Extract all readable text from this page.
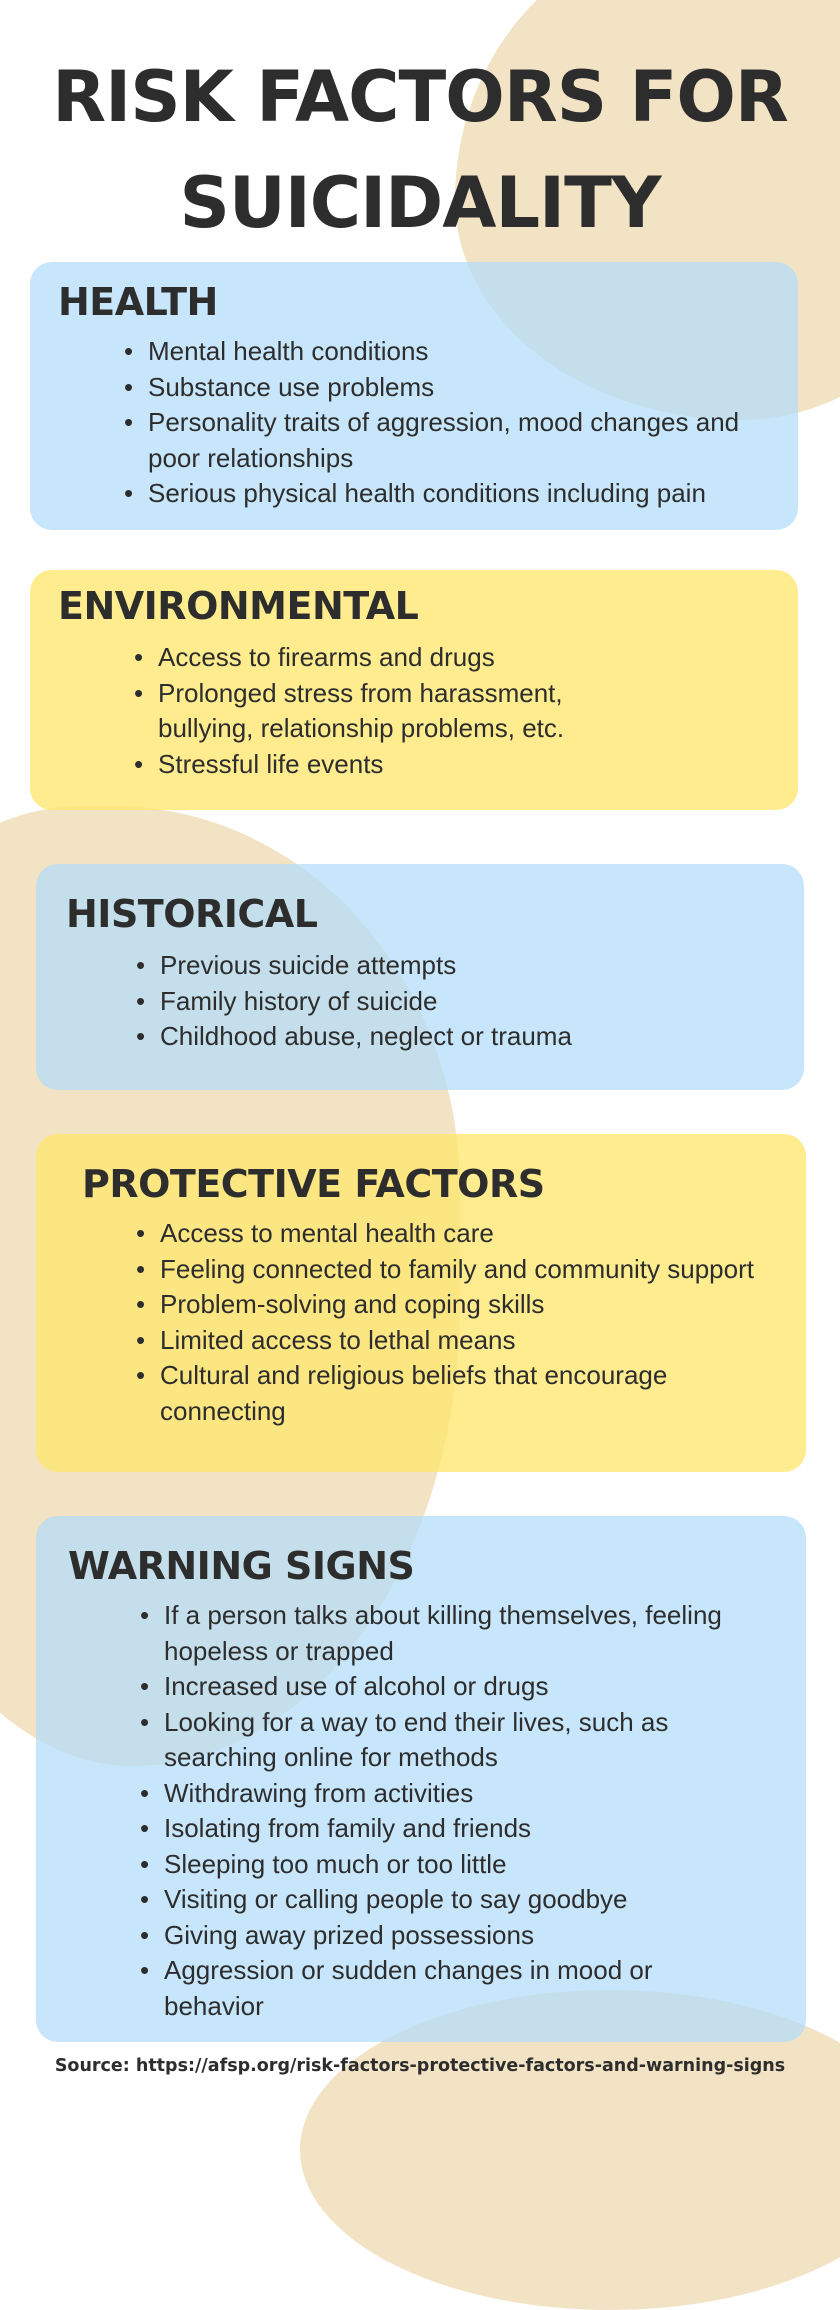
RISK FACTORS FOR
SUICIDALITY
HEALTH
• Mental health conditions
• Substance use problems
• Personality traits of aggression, mood changes and
poor relationships
• Serious physical health conditions including pain
ENVIRONMENTAL
• Access to firearms and drugs
• Prolonged stress from harassment,
bullying, relationship problems, etc.
• Stressful life events
HISTORICAL
• Previous suicide attempts
• Family history of suicide
• Childhood abuse, neglect or trauma
PROTECTIVE FACTORS
• Access to mental health care
• Feeling connected to family and community support
• Problem-solving and coping skills
• Limited access to lethal means
• Cultural and religious beliefs that encourage
connecting
WARNING SIGNS
• If a person talks about killing themselves, feeling
hopeless or trapped
• Increased use of alcohol or drugs
• Looking for a way to end their lives, such as
searching online for methods
• Withdrawing from activities
• Isolating from family and friends
• Sleeping too much or too little
• Visiting or calling people to say goodbye
• Giving away prized possessions
• Aggression or sudden changes in mood or
behavior
Source: https://afsp.org/risk-factors-protective-factors-and-warning-signs
